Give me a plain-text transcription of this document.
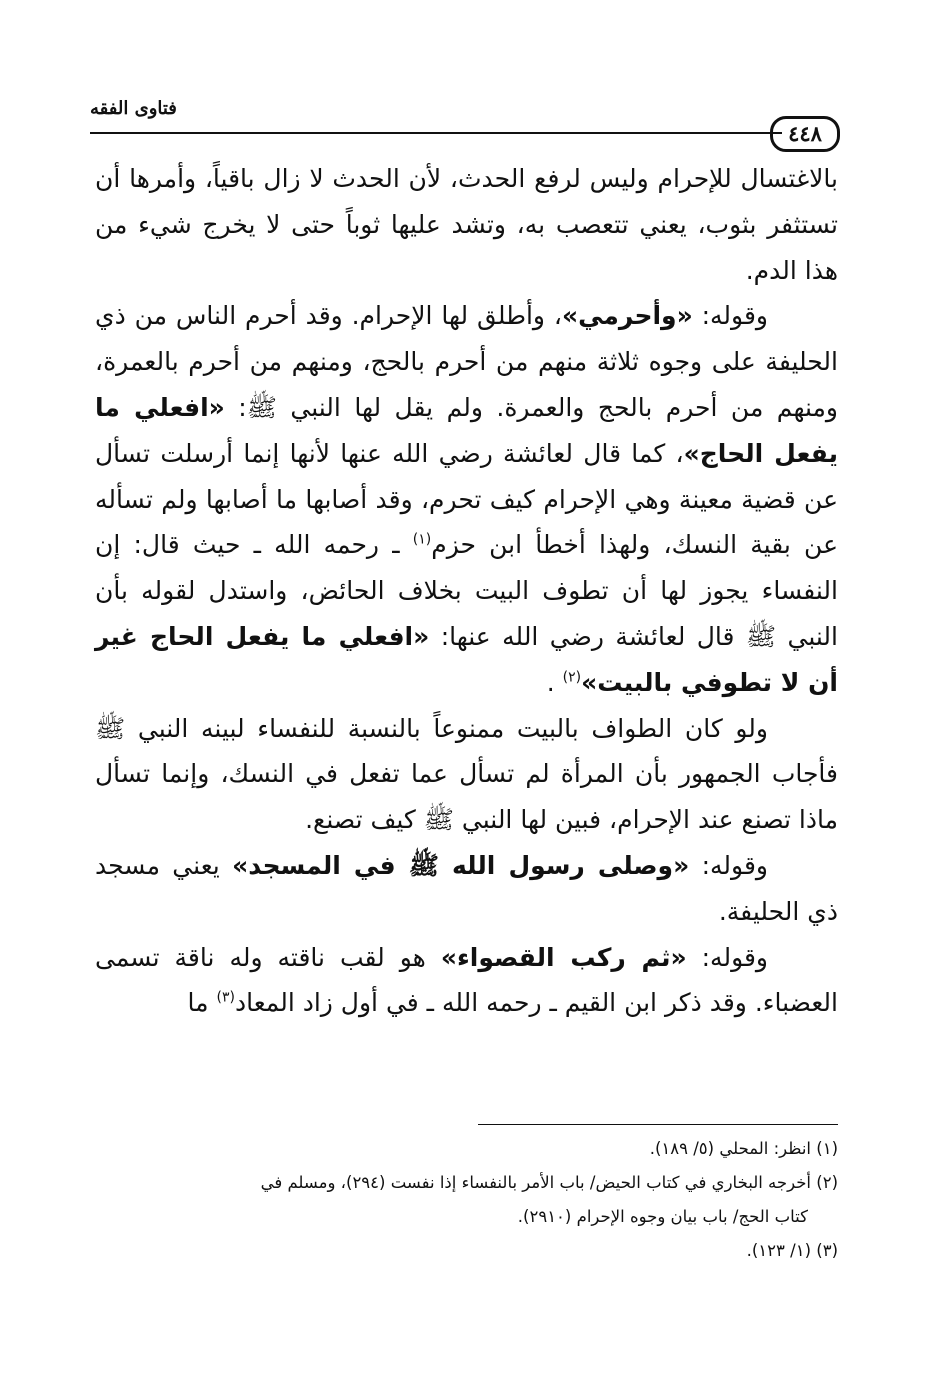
٤٤٨
فتاوى الفقه

بالاغتسال للإحرام وليس لرفع الحدث، لأن الحدث لا زال باقياً، وأمرها أن تستثفر بثوب، يعني تتعصب به، وتشد عليها ثوباً حتى لا يخرج شيء من هذا الدم.

وقوله: «وأحرمي»، وأطلق لها الإحرام. وقد أحرم الناس من ذي الحليفة على وجوه ثلاثة منهم من أحرم بالحج، ومنهم من أحرم بالعمرة، ومنهم من أحرم بالحج والعمرة. ولم يقل لها النبي ﷺ: «افعلي ما يفعل الحاج»، كما قال لعائشة رضي الله عنها لأنها إنما أرسلت تسأل عن قضية معينة وهي الإحرام كيف تحرم، وقد أصابها ما أصابها ولم تسأله عن بقية النسك، ولهذا أخطأ ابن حزم$^{(١)}$ ـ رحمه الله ـ حيث قال: إن النفساء يجوز لها أن تطوف البيت بخلاف الحائض، واستدل لقوله بأن النبي ﷺ قال لعائشة رضي الله عنها: «افعلي ما يفعل الحاج غير أن لا تطوفي بالبيت»$^{(٢)}$ .

ولو كان الطواف بالبيت ممنوعاً بالنسبة للنفساء لبينه النبي ﷺ فأجاب الجمهور بأن المرأة لم تسأل عما تفعل في النسك، وإنما تسأل ماذا تصنع عند الإحرام، فبين لها النبي ﷺ كيف تصنع.

وقوله: «وصلى رسول الله ﷺ في المسجد» يعني مسجد ذي الحليفة.

وقوله: «ثم ركب القصواء» هو لقب ناقته وله ناقة تسمى العضباء. وقد ذكر ابن القيم ـ رحمه الله ـ في أول زاد المعاد$^{(٣)}$ ما

(١) انظر: المحلي (٥/ ١٨٩).

(٢) أخرجه البخاري في كتاب الحيض/ باب الأمر بالنفساء إذا نفست (٢٩٤)، ومسلم في

كتاب الحج/ باب بيان وجوه الإحرام (٢٩١٠).

(٣) (١/ ١٢٣).
